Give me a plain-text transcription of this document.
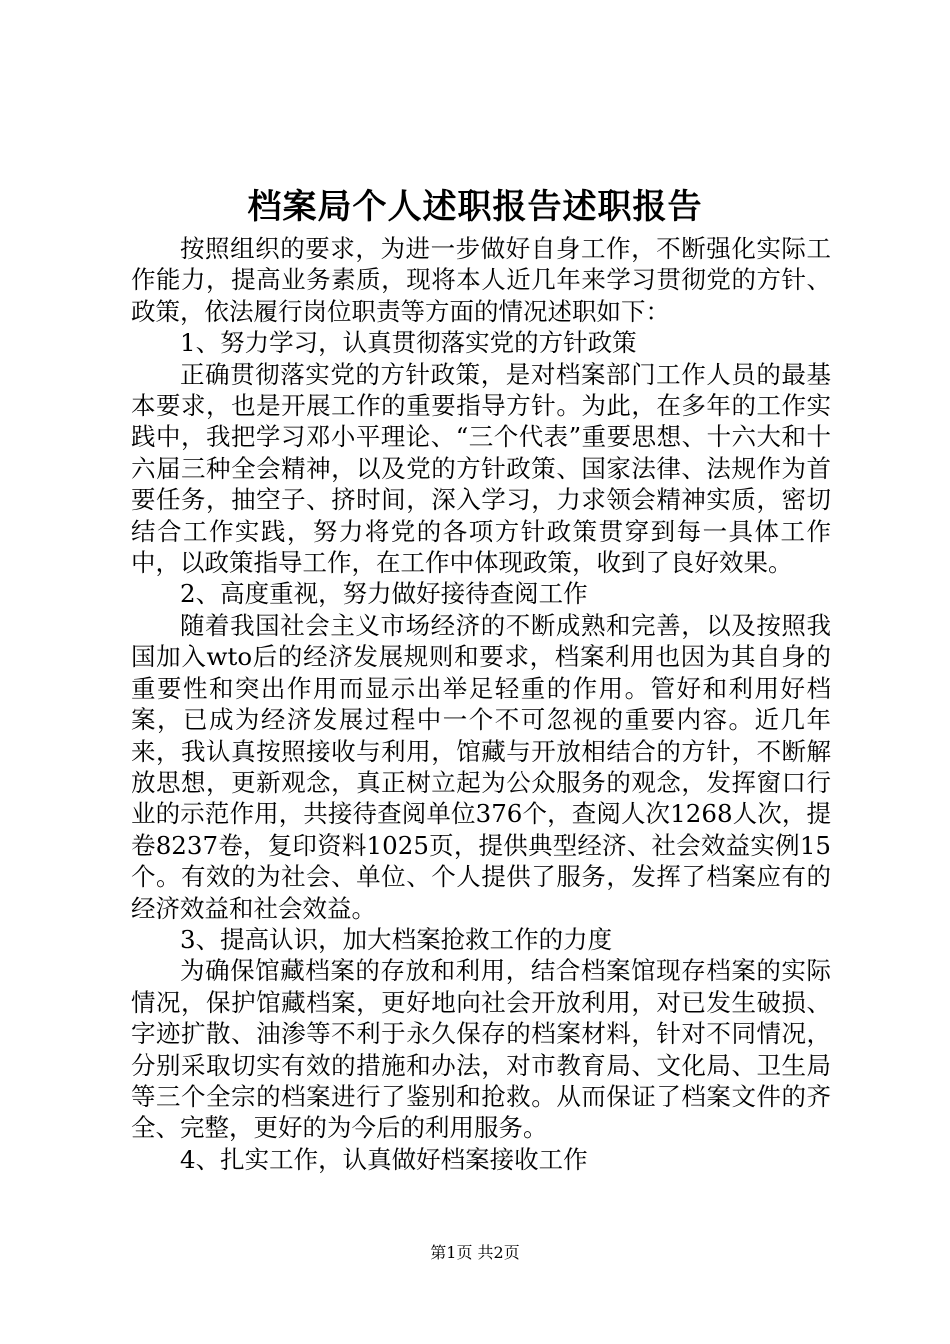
档案局个人述职报告述职报告

按照组织的要求，为进一步做好自身工作，不断强化实际工作能力，提高业务素质，现将本人近几年来学习贯彻党的方针、政策，依法履行岗位职责等方面的情况述职如下：

1、努力学习，认真贯彻落实党的方针政策

正确贯彻落实党的方针政策，是对档案部门工作人员的最基本要求，也是开展工作的重要指导方针。为此，在多年的工作实践中，我把学习邓小平理论、“三个代表”重要思想、十六大和十六届三种全会精神，以及党的方针政策、国家法律、法规作为首要任务，抽空子、挤时间，深入学习，力求领会精神实质，密切结合工作实践，努力将党的各项方针政策贯穿到每一具体工作中，以政策指导工作，在工作中体现政策，收到了良好效果。

2、高度重视，努力做好接待查阅工作

随着我国社会主义市场经济的不断成熟和完善，以及按照我国加入wto后的经济发展规则和要求，档案利用也因为其自身的重要性和突出作用而显示出举足轻重的作用。管好和利用好档案，已成为经济发展过程中一个不可忽视的重要内容。近几年来，我认真按照接收与利用，馆藏与开放相结合的方针，不断解放思想，更新观念，真正树立起为公众服务的观念，发挥窗口行业的示范作用，共接待查阅单位376个，查阅人次1268人次，提卷8237卷，复印资料1025页，提供典型经济、社会效益实例15个。有效的为社会、单位、个人提供了服务，发挥了档案应有的经济效益和社会效益。

3、提高认识，加大档案抢救工作的力度

为确保馆藏档案的存放和利用，结合档案馆现存档案的实际情况，保护馆藏档案，更好地向社会开放利用，对已发生破损、字迹扩散、油渗等不利于永久保存的档案材料，针对不同情况，分别采取切实有效的措施和办法，对市教育局、文化局、卫生局等三个全宗的档案进行了鉴别和抢救。从而保证了档案文件的齐全、完整，更好的为今后的利用服务。

4、扎实工作，认真做好档案接收工作

第1页 共2页
